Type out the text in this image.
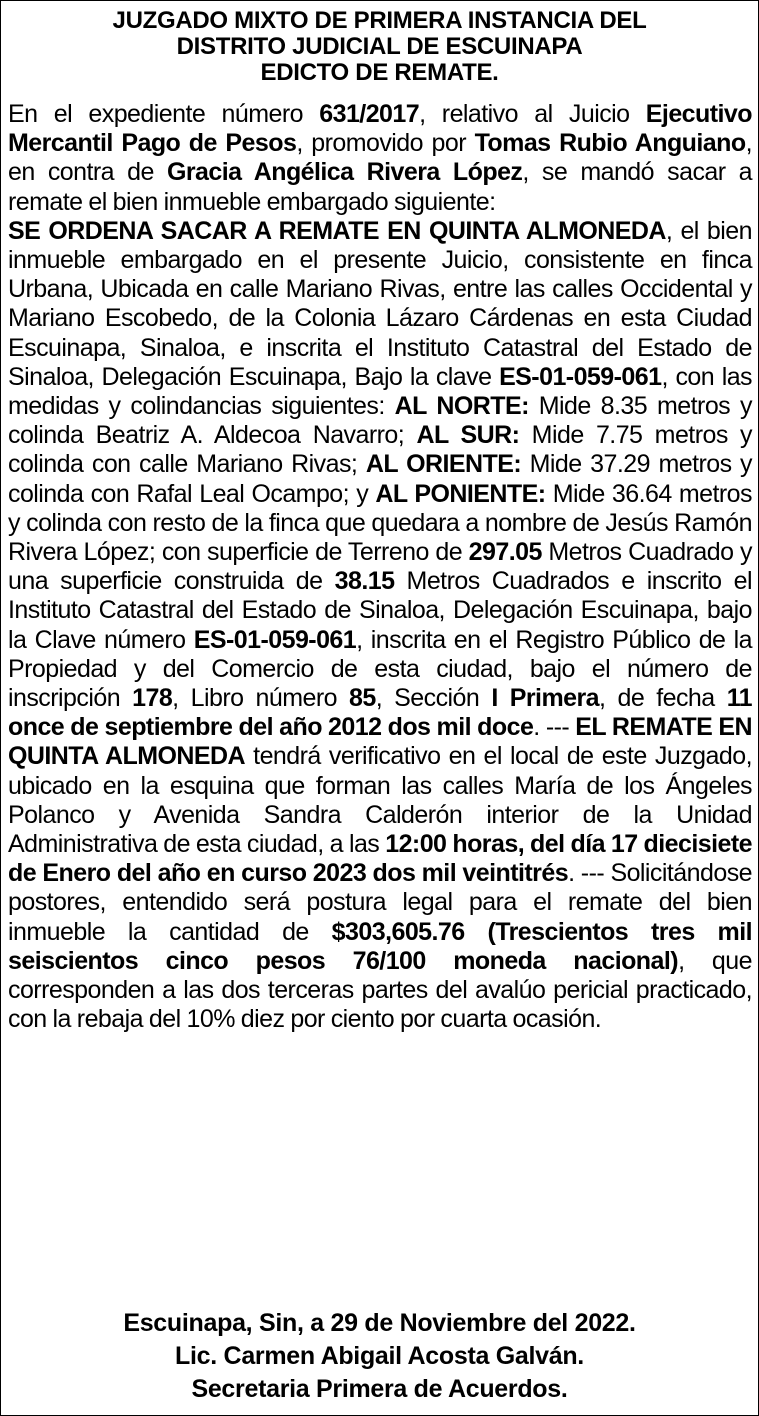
JUZGADO MIXTO DE PRIMERA INSTANCIA DEL
DISTRITO JUDICIAL DE ESCUINAPA
EDICTO DE REMATE.

En el expediente número 631/2017, relativo al Juicio Ejecutivo Mercantil Pago de Pesos, promovido por Tomas Rubio Anguiano, en contra de Gracia Angélica Rivera López, se mandó sacar a remate el bien inmueble embargado siguiente:

SE ORDENA SACAR A REMATE EN QUINTA ALMONEDA, el bien inmueble embargado en el presente Juicio, consistente en finca Urbana, Ubicada en calle Mariano Rivas, entre las calles Occidental y Mariano Escobedo, de la Colonia Lázaro Cárdenas en esta Ciudad Escuinapa, Sinaloa, e inscrita el Instituto Catastral del Estado de Sinaloa, Delegación Escuinapa, Bajo la clave ES-01-059-061, con las medidas y colindancias siguientes: AL NORTE: Mide 8.35 metros y colinda Beatriz A. Aldecoa Navarro; AL SUR: Mide 7.75 metros y colinda con calle Mariano Rivas; AL ORIENTE: Mide 37.29 metros y colinda con Rafal Leal Ocampo; y AL PONIENTE: Mide 36.64 metros y colinda con resto de la finca que quedara a nombre de Jesús Ramón Rivera López; con superficie de Terreno de 297.05 Metros Cuadrado y una superficie construida de 38.15 Metros Cuadrados e inscrito el Instituto Catastral del Estado de Sinaloa, Delegación Escuinapa, bajo la Clave número ES-01-059-061, inscrita en el Registro Público de la Propiedad y del Comercio de esta ciudad, bajo el número de inscripción 178, Libro número 85, Sección I Primera, de fecha 11 once de septiembre del año 2012 dos mil doce. --- EL REMATE EN QUINTA ALMONEDA tendrá verificativo en el local de este Juzgado, ubicado en la esquina que forman las calles María de los Ángeles Polanco y Avenida Sandra Calderón interior de la Unidad Administrativa de esta ciudad, a las 12:00 horas, del día 17 diecisiete de Enero del año en curso 2023 dos mil veintitrés. --- Solicitándose postores, entendido será postura legal para el remate del bien inmueble la cantidad de $303,605.76 (Trescientos tres mil seiscientos cinco pesos 76/100 moneda nacional), que corresponden a las dos terceras partes del avalúo pericial practicado, con la rebaja del 10% diez por ciento por cuarta ocasión.

Escuinapa, Sin, a 29 de Noviembre del 2022.
Lic. Carmen Abigail Acosta Galván.
Secretaria Primera de Acuerdos.
